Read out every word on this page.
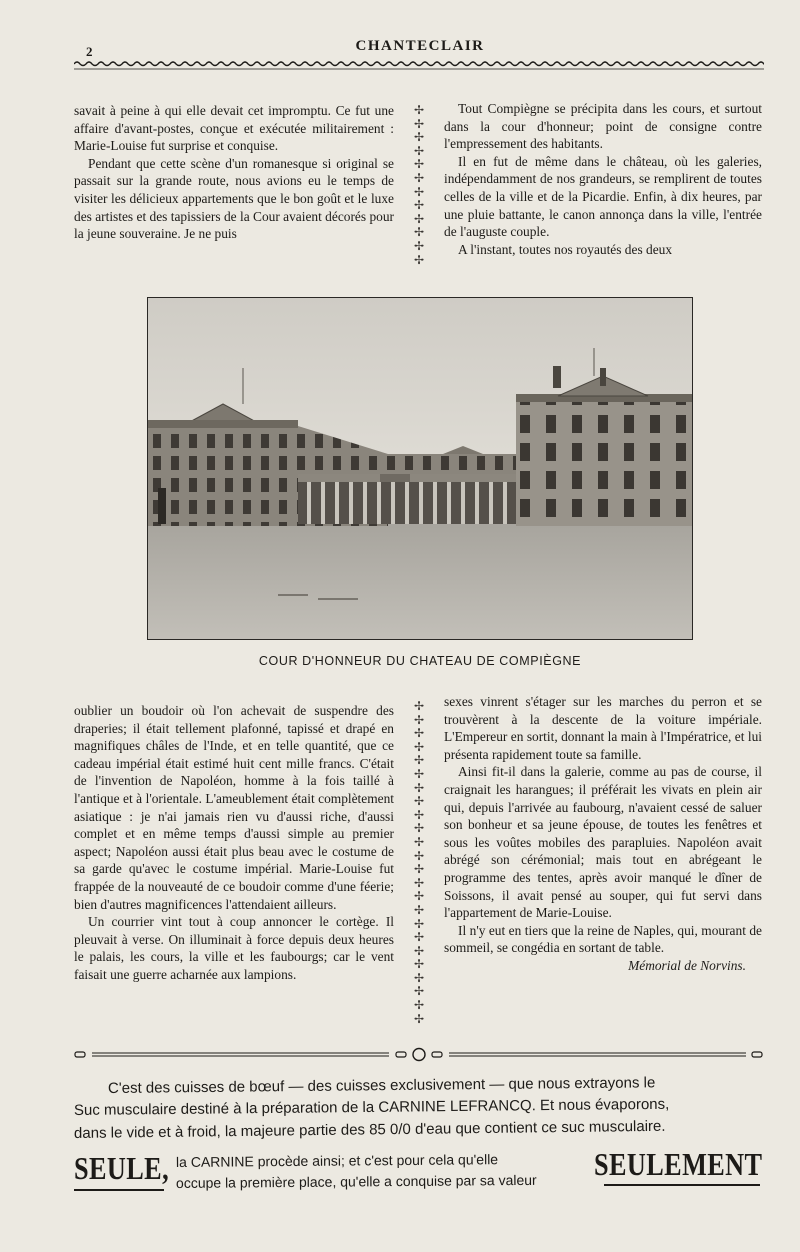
2	CHANTECLAIR

savait à peine à qui elle devait cet impromptu. Ce fut une affaire d'avant-postes, conçue et exécutée militairement : Marie-Louise fut surprise et conquise.

Pendant que cette scène d'un romanesque si original se passait sur la grande route, nous avions eu le temps de visiter les délicieux appartements que le bon goût et le luxe des artistes et des tapissiers de la Cour avaient décorés pour la jeune souveraine. Je ne puis

✢
✢
✢
✢
✢
✢
✢
✢
✢
✢
✢
✢

Tout Compiègne se précipita dans les cours, et surtout dans la cour d'honneur; point de consigne contre l'empressement des habitants.

Il en fut de même dans le château, où les galeries, indépendamment de nos grandeurs, se remplirent de toutes celles de la ville et de la Picardie. Enfin, à dix heures, par une pluie battante, le canon annonça dans la ville, l'entrée de l'auguste couple.

A l'instant, toutes nos royautés des deux

COUR D'HONNEUR DU CHATEAU DE COMPIÈGNE

oublier un boudoir où l'on achevait de suspendre des draperies; il était tellement plafonné, tapissé et drapé en magnifiques châles de l'Inde, et en telle quantité, que ce cadeau impérial était estimé huit cent mille francs. C'était de l'invention de Napoléon, homme à la fois taillé à l'antique et à l'orientale. L'ameublement était complètement asiatique : je n'ai jamais rien vu d'aussi riche, d'aussi complet et en même temps d'aussi simple au premier aspect; Napoléon aussi était plus beau avec le costume de sa garde qu'avec le costume impérial. Marie-Louise fut frappée de la nouveauté de ce boudoir comme d'une féerie; bien d'autres magnificences l'attendaient ailleurs.

Un courrier vint tout à coup annoncer le cortège. Il pleuvait à verse. On illuminait à force depuis deux heures le palais, les cours, la ville et les faubourgs; car le vent faisait une guerre acharnée aux lampions.

✢
✢
✢
✢
✢
✢
✢
✢
✢
✢
✢
✢
✢
✢
✢
✢
✢
✢
✢
✢
✢
✢
✢
✢

sexes vinrent s'étager sur les marches du perron et se trouvèrent à la descente de la voiture impériale. L'Empereur en sortit, donnant la main à l'Impératrice, et lui présenta rapidement toute sa famille.

Ainsi fit-il dans la galerie, comme au pas de course, il craignait les harangues; il préférait les vivats en plein air qui, depuis l'arrivée au faubourg, n'avaient cessé de saluer son bonheur et sa jeune épouse, de toutes les fenêtres et sous les voûtes mobiles des parapluies. Napoléon avait abrégé son cérémonial; mais tout en abrégeant le programme des tentes, après avoir manqué le dîner de Soissons, il avait pensé au souper, qui fut servi dans l'appartement de Marie-Louise.

Il n'y eut en tiers que la reine de Naples, qui, mourant de sommeil, se congédia en sortant de table.

Mémorial de Norvins.

C'est des cuisses de bœuf — des cuisses exclusivement — que nous extrayons le
Suc musculaire destiné à la préparation de la CARNINE LEFRANCQ. Et nous évaporons,
dans le vide et à froid, la majeure partie des 85 0/0 d'eau que contient ce suc musculaire.
SEULE, la CARNINE procède ainsi; et c'est pour cela qu'elle
occupe la première place, qu'elle a conquise par sa valeur SEULEMENT
